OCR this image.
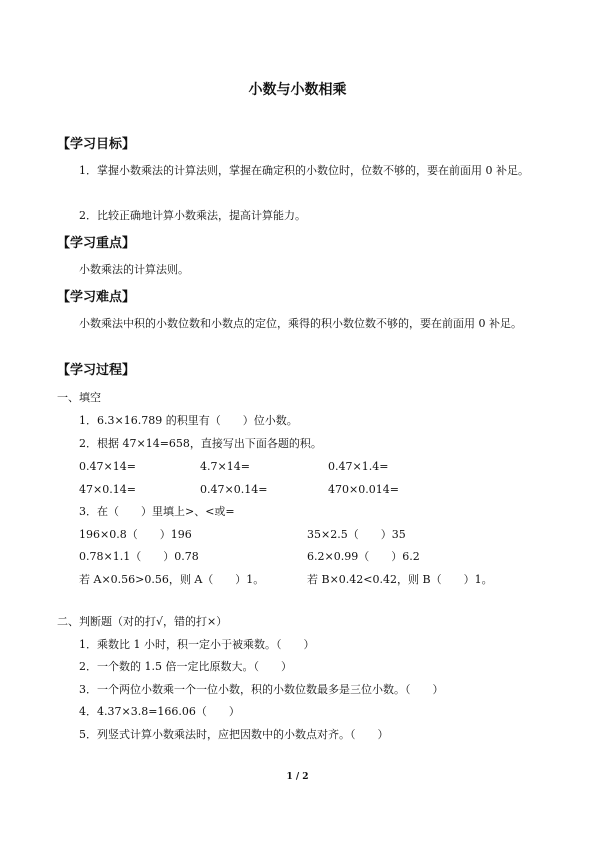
小数与小数相乘
【学习目标】
1．掌握小数乘法的计算法则，掌握在确定积的小数位时，位数不够的，要在前面用 0 补足。
2．比较正确地计算小数乘法，提高计算能力。
【学习重点】
小数乘法的计算法则。
【学习难点】
小数乘法中积的小数位数和小数点的定位，乘得的积小数位数不够的，要在前面用 0 补足。
【学习过程】
一、填空
1．6.3×16.789 的积里有（　　）位小数。
2．根据 47×14=658，直接写出下面各题的积。
0.47×14=	4.7×14=	0.47×1.4=
47×0.14=	0.47×0.14=	470×0.014=
3．在（　　）里填上>、<或=
196×0.8（　　）196	35×2.5（　　）35
0.78×1.1（　　）0.78	6.2×0.99（　　）6.2
若 A×0.56>0.56，则 A（　　）1。	若 B×0.42<0.42，则 B（　　）1。
二、判断题（对的打√，错的打×）
1．乘数比 1 小时，积一定小于被乘数。（　　）
2．一个数的 1.5 倍一定比原数大。（　　）
3．一个两位小数乘一个一位小数，积的小数位数最多是三位小数。（　　）
4．4.37×3.8=166.06（　　）
5．列竖式计算小数乘法时，应把因数中的小数点对齐。（　　）
1 / 2
